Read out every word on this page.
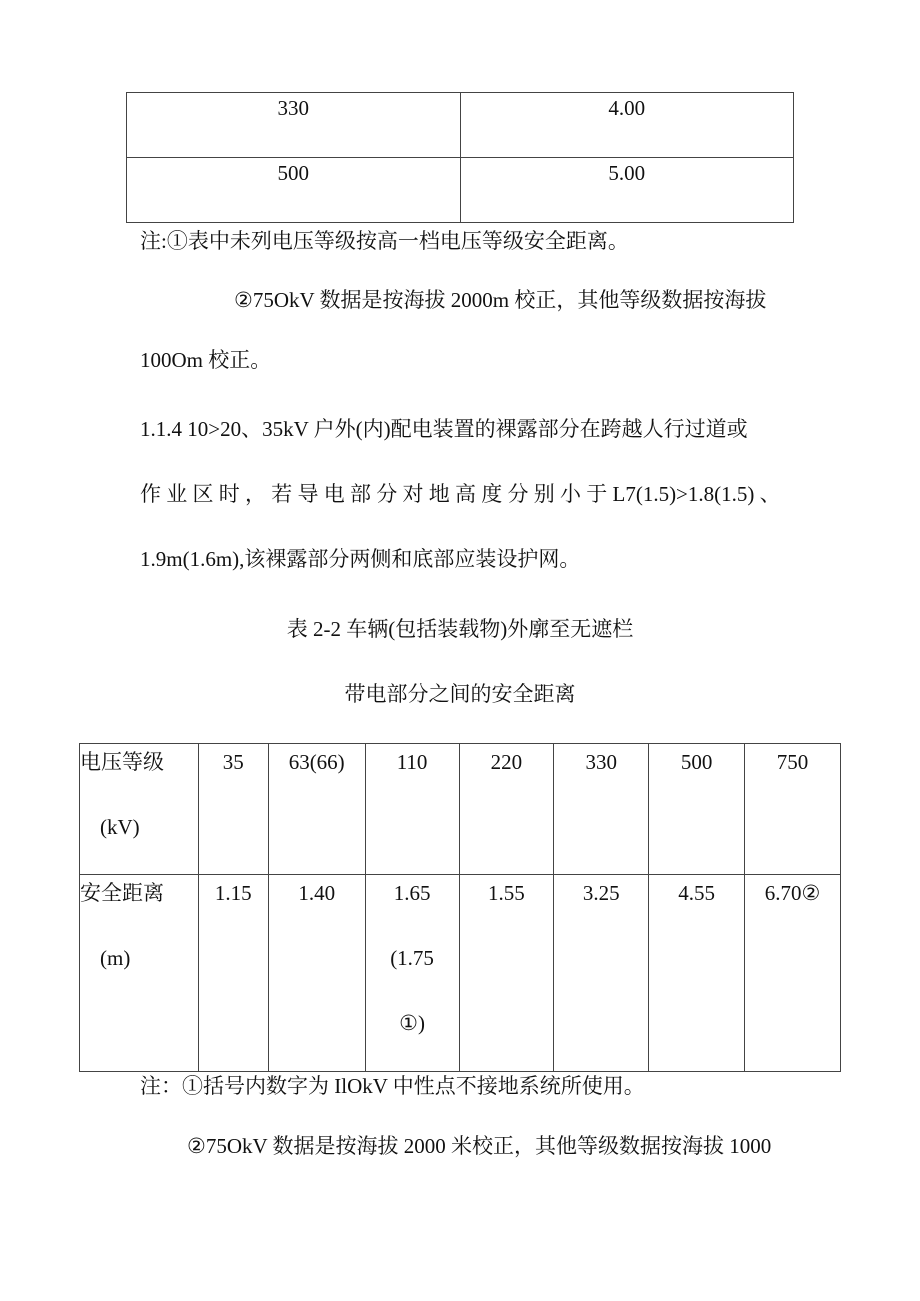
330	4.00

500	5.00
注:①表中未列电压等级按高一档电压等级安全距离。
②75OkV 数据是按海拔 2000m 校正，其他等级数据按海拔
100Om 校正。
1.1.4 10>20、35kV 户外(内)配电装置的裸露部分在跨越人行过道或
作 业 区 时 ， 若 导 电 部 分 对 地 高 度 分 别 小 于 L7(1.5)>1.8(1.5) 、
1.9m(1.6m),该裸露部分两侧和底部应装设护网。
表 2-2 车辆(包括装载物)外廓至无遮栏
带电部分之间的安全距离
电压等级
(kV)	35	63(66)	110	220	330	500	750

安全距离
(m)	1.15	1.40	1.65
(1.75
①)	1.55	3.25	4.55	6.70②
注：①括号内数字为 IlOkV 中性点不接地系统所使用。
②75OkV 数据是按海拔 2000 米校正，其他等级数据按海拔 1000
